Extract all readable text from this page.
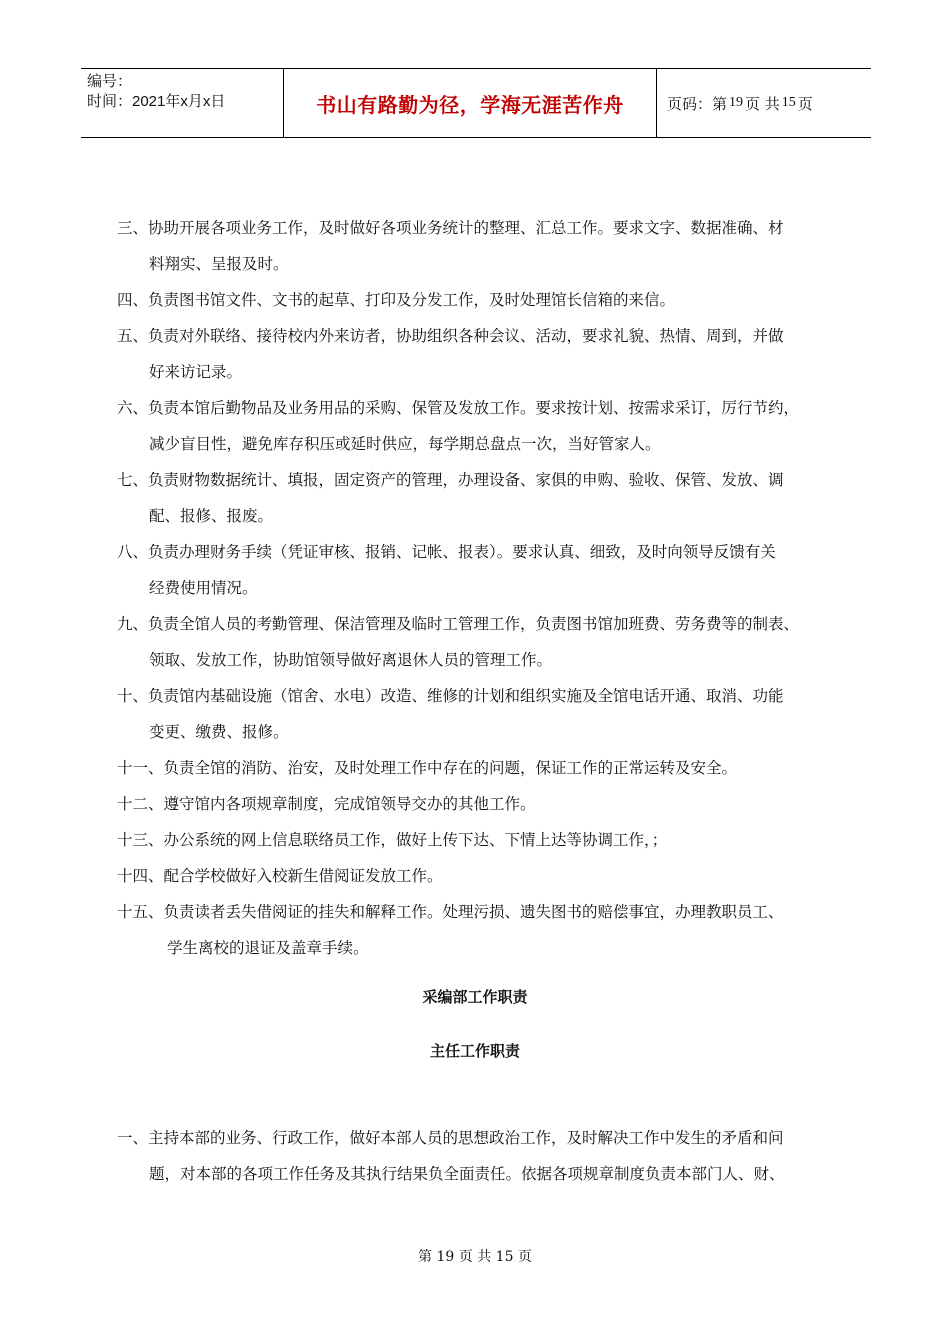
编号：
时间：2021年x月x日	书山有路勤为径，学海无涯苦作舟	页码：第 19 页 共 15 页
三、协助开展各项业务工作，及时做好各项业务统计的整理、汇总工作。要求文字、数据准确、材
料翔实、呈报及时。
四、负责图书馆文件、文书的起草、打印及分发工作，及时处理馆长信箱的来信。
五、负责对外联络、接待校内外来访者，协助组织各种会议、活动，要求礼貌、热情、周到，并做
好来访记录。
六、负责本馆后勤物品及业务用品的采购、保管及发放工作。要求按计划、按需求采订，厉行节约，
减少盲目性，避免库存积压或延时供应，每学期总盘点一次，当好管家人。
七、负责财物数据统计、填报，固定资产的管理，办理设备、家俱的申购、验收、保管、发放、调
配、报修、报废。
八、负责办理财务手续（凭证审核、报销、记帐、报表）。要求认真、细致，及时向领导反馈有关
经费使用情况。
九、负责全馆人员的考勤管理、保洁管理及临时工管理工作，负责图书馆加班费、劳务费等的制表、
领取、发放工作，协助馆领导做好离退休人员的管理工作。
十、负责馆内基础设施（馆舍、水电）改造、维修的计划和组织实施及全馆电话开通、取消、功能
变更、缴费、报修。
十一、负责全馆的消防、治安，及时处理工作中存在的问题，保证工作的正常运转及安全。
十二、遵守馆内各项规章制度，完成馆领导交办的其他工作。
十三、办公系统的网上信息联络员工作，做好上传下达、下情上达等协调工作，；
十四、配合学校做好入校新生借阅证发放工作。
十五、负责读者丢失借阅证的挂失和解释工作。处理污损、遗失图书的赔偿事宜，办理教职员工、
学生离校的退证及盖章手续。
采编部工作职责
主任工作职责
一、主持本部的业务、行政工作，做好本部人员的思想政治工作，及时解决工作中发生的矛盾和问
题，对本部的各项工作任务及其执行结果负全面责任。依据各项规章制度负责本部门人、财、
第 19 页 共 15 页
